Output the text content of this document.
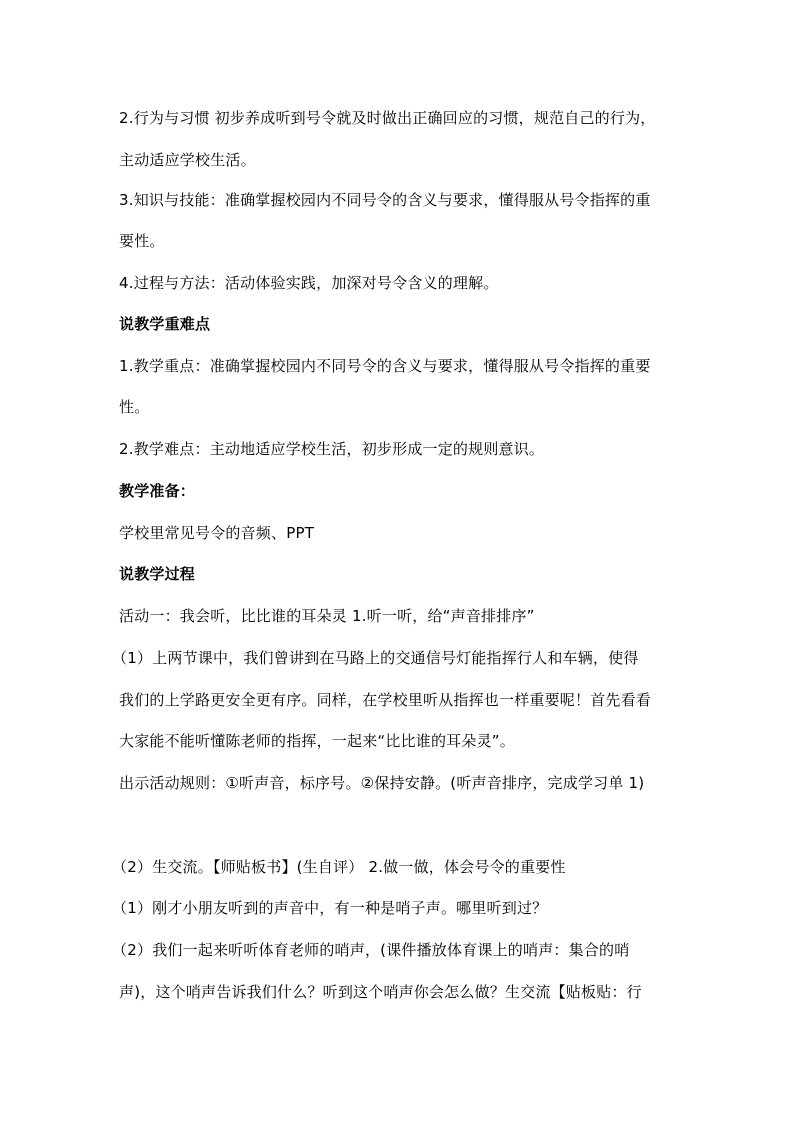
2.行为与习惯 初步养成听到号令就及时做出正确回应的习惯，规范自己的行为，
主动适应学校生活。
3.知识与技能：准确掌握校园内不同号令的含义与要求，懂得服从号令指挥的重
要性。
4.过程与方法：活动体验实践，加深对号令含义的理解。
说教学重难点
1.教学重点：准确掌握校园内不同号令的含义与要求，懂得服从号令指挥的重要
性。
2.教学难点：主动地适应学校生活，初步形成一定的规则意识。
教学准备：
学校里常见号令的音频、PPT
说教学过程
活动一：我会听，比比谁的耳朵灵 1.听一听，给“声音排排序”
（1）上两节课中，我们曾讲到在马路上的交通信号灯能指挥行人和车辆，使得
我们的上学路更安全更有序。同样，在学校里听从指挥也一样重要呢！首先看看
大家能不能听懂陈老师的指挥，一起来“比比谁的耳朵灵”。
出示活动规则：①听声音，标序号。②保持安静。(听声音排序，完成学习单 1)
（2）生交流。【师贴板书】(生自评） 2.做一做，体会号令的重要性
（1）刚才小朋友听到的声音中，有一种是哨子声。哪里听到过？
（2）我们一起来听听体育老师的哨声，(课件播放体育课上的哨声：集合的哨
声)，这个哨声告诉我们什么？听到这个哨声你会怎么做？生交流【贴板贴：行
